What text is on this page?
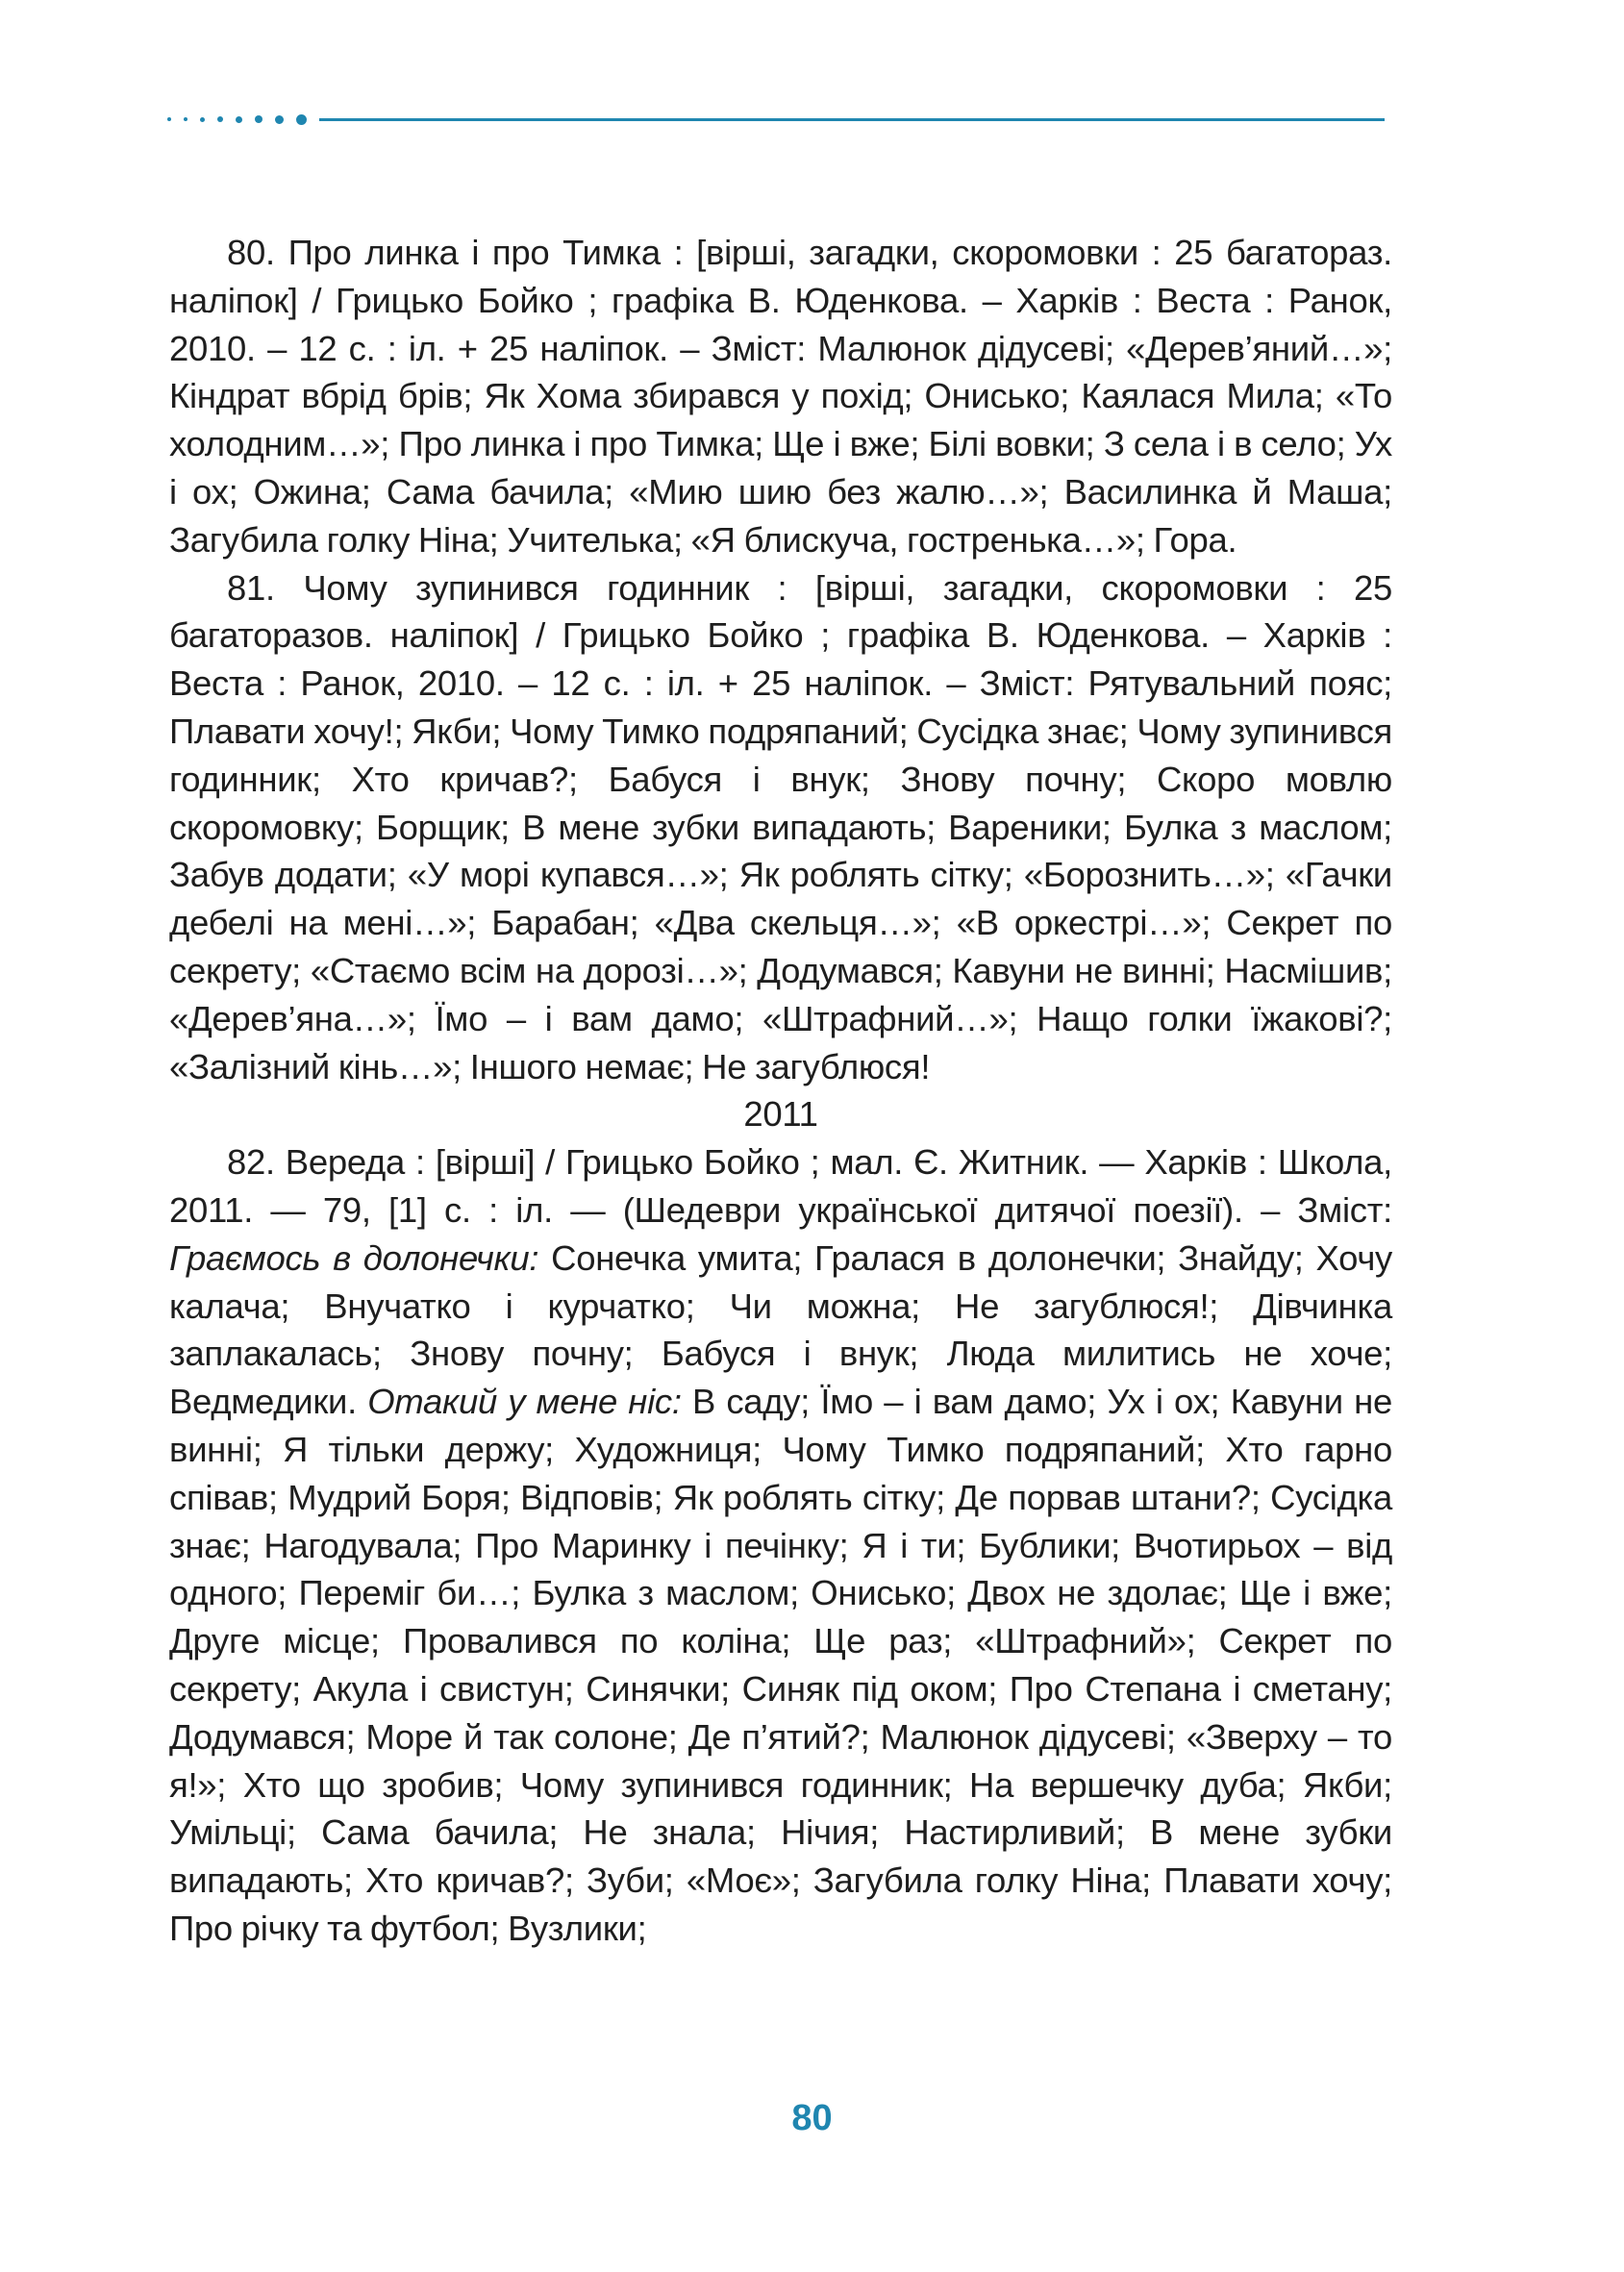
80. Про линка і про Тимка : [вірші, загадки, скоромовки : 25 багатораз. наліпок] / Грицько Бойко ; графіка В. Юденкова. – Харків : Веста : Ранок, 2010. – 12 с. : іл. + 25 наліпок. – Зміст: Малюнок дідусеві; «Дерев’яний…»; Кіндрат вбрід брів; Як Хома збирався у похід; Онисько; Каялася Мила; «То холодним…»; Про линка і про Тимка; Ще і вже; Білі вовки; З села і в село; Ух і ох; Ожина; Сама бачила; «Мию шию без жалю…»; Василинка й Маша; Загубила голку Ніна; Учителька; «Я блискуча, гостренька…»; Гора.

81. Чому зупинився годинник : [вірші, загадки, скоромовки : 25 багаторазов. наліпок] / Грицько Бойко ; графіка В. Юденкова. – Харків : Веста : Ранок, 2010. – 12 с. : іл. + 25 наліпок. – Зміст: Рятувальний пояс; Плавати хочу!; Якби; Чому Тимко подряпаний; Сусідка знає; Чому зупинився годинник; Хто кричав?; Бабуся і внук; Знову почну; Скоро мовлю скоромовку; Борщик; В мене зубки випадають; Вареники; Булка з маслом; Забув додати; «У морі купався…»; Як роблять сітку; «Борознить…»; «Гачки дебелі на мені…»; Барабан; «Два скельця…»; «В оркестрі…»; Секрет по секрету; «Стаємо всім на дорозі…»; Додумався; Кавуни не винні; Насмішив; «Дерев’яна…»; Їмо – і вам дамо; «Штрафний…»; Нащо голки їжакові?; «Залізний кінь…»; Іншого немає; Не загублюся!

2011

82. Вереда : [вірші] / Грицько Бойко ; мал. Є. Житник. — Харків : Школа, 2011. — 79, [1] с. : іл. — (Шедеври української дитячої поезії). – Зміст: Граємось в долонечки: Сонечка умита; Гралася в долонечки; Знайду; Хочу калача; Внучатко і курчатко; Чи можна; Не загублюся!; Дівчинка заплакалась; Знову почну; Бабуся і внук; Люда милитись не хоче; Ведмедики. Отакий у мене ніс: В саду; Їмо – і вам дамо; Ух і ох; Кавуни не винні; Я тільки держу; Художниця; Чому Тимко подряпаний; Хто гарно співав; Мудрий Боря; Відповів; Як роблять сітку; Де порвав штани?; Сусідка знає; Нагодувала; Про Маринку і печінку; Я і ти; Бублики; Вчотирьох – від одного; Переміг би…; Булка з маслом; Онисько; Двох не здолає; Ще і вже; Друге місце; Провалився по коліна; Ще раз; «Штрафний»; Секрет по секрету; Акула і свистун; Синячки; Синяк під оком; Про Степана і сметану; Додумався; Море й так солоне; Де п’ятий?; Малюнок дідусеві; «Зверху – то я!»; Хто що зробив; Чому зупинився годинник; На вершечку дуба; Якби; Умільці; Сама бачила; Не знала; Нічия; Настирливий; В мене зубки випадають; Хто кричав?; Зуби; «Моє»; Загубила голку Ніна; Плавати хочу; Про річку та футбол; Вузлики;

80
